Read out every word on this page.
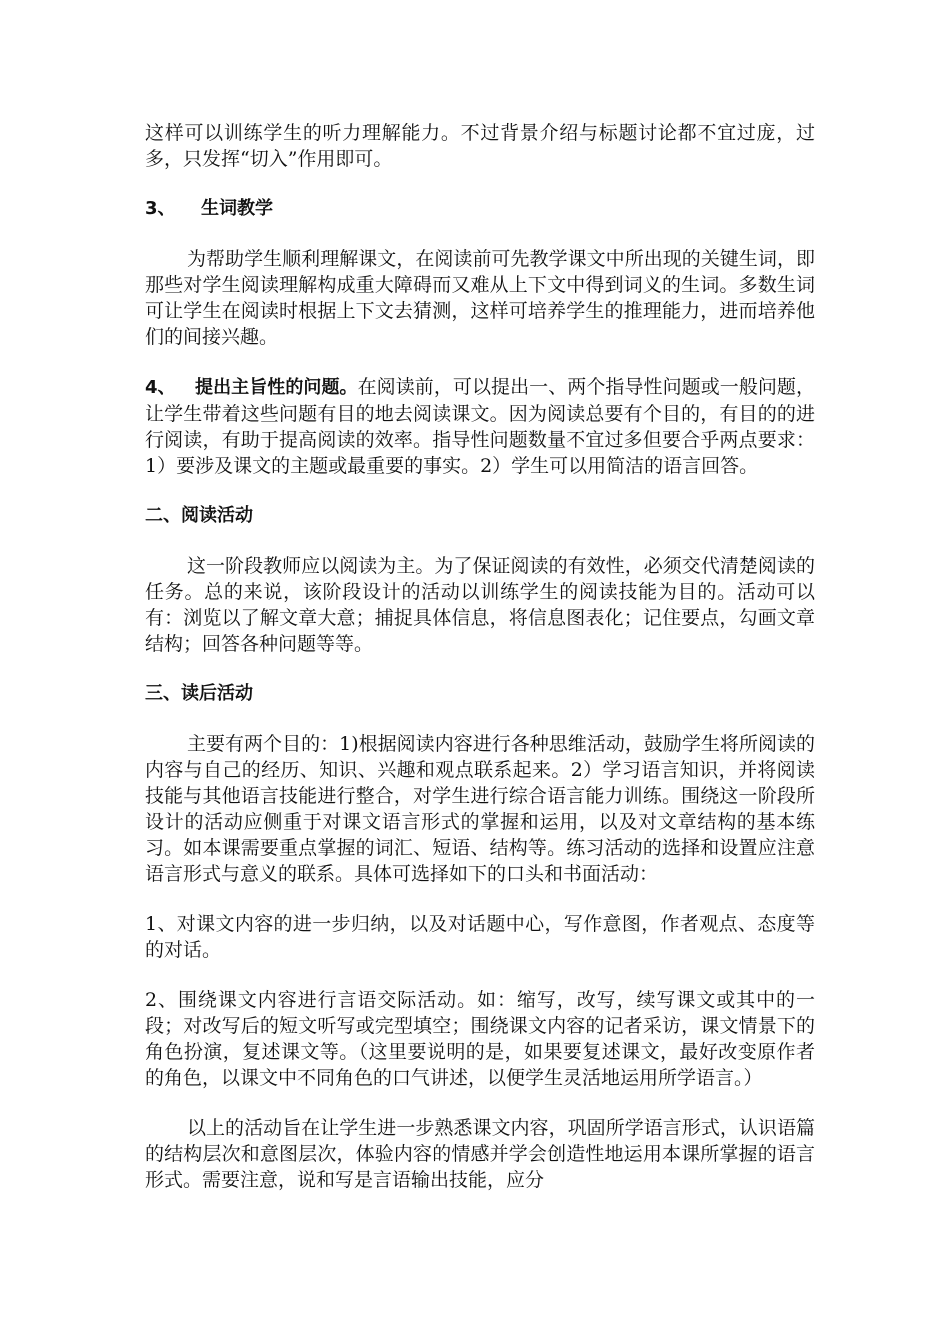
这样可以训练学生的听力理解能力。不过背景介绍与标题讨论都不宜过庞，过多，只发挥“切入”作用即可。

3、 生词教学

为帮助学生顺利理解课文，在阅读前可先教学课文中所出现的关键生词，即那些对学生阅读理解构成重大障碍而又难从上下文中得到词义的生词。多数生词可让学生在阅读时根据上下文去猜测，这样可培养学生的推理能力，进而培养他们的间接兴趣。

4、 提出主旨性的问题。在阅读前，可以提出一、两个指导性问题或一般问题，让学生带着这些问题有目的地去阅读课文。因为阅读总要有个目的，有目的的进行阅读，有助于提高阅读的效率。指导性问题数量不宜过多但要合乎两点要求：1）要涉及课文的主题或最重要的事实。2）学生可以用简洁的语言回答。

二、阅读活动

这一阶段教师应以阅读为主。为了保证阅读的有效性，必须交代清楚阅读的任务。总的来说，该阶段设计的活动以训练学生的阅读技能为目的。活动可以有：浏览以了解文章大意；捕捉具体信息，将信息图表化；记住要点，勾画文章结构；回答各种问题等等。

三、读后活动

主要有两个目的：1)根据阅读内容进行各种思维活动，鼓励学生将所阅读的内容与自己的经历、知识、兴趣和观点联系起来。2）学习语言知识，并将阅读技能与其他语言技能进行整合，对学生进行综合语言能力训练。围绕这一阶段所设计的活动应侧重于对课文语言形式的掌握和运用，以及对文章结构的基本练习。如本课需要重点掌握的词汇、短语、结构等。练习活动的选择和设置应注意语言形式与意义的联系。具体可选择如下的口头和书面活动：

1、对课文内容的进一步归纳，以及对话题中心，写作意图，作者观点、态度等的对话。

2、围绕课文内容进行言语交际活动。如：缩写，改写，续写课文或其中的一段；对改写后的短文听写或完型填空；围绕课文内容的记者采访，课文情景下的角色扮演，复述课文等。（这里要说明的是，如果要复述课文，最好改变原作者的角色，以课文中不同角色的口气讲述，以便学生灵活地运用所学语言。）

以上的活动旨在让学生进一步熟悉课文内容，巩固所学语言形式，认识语篇的结构层次和意图层次，体验内容的情感并学会创造性地运用本课所掌握的语言形式。需要注意，说和写是言语输出技能，应分
